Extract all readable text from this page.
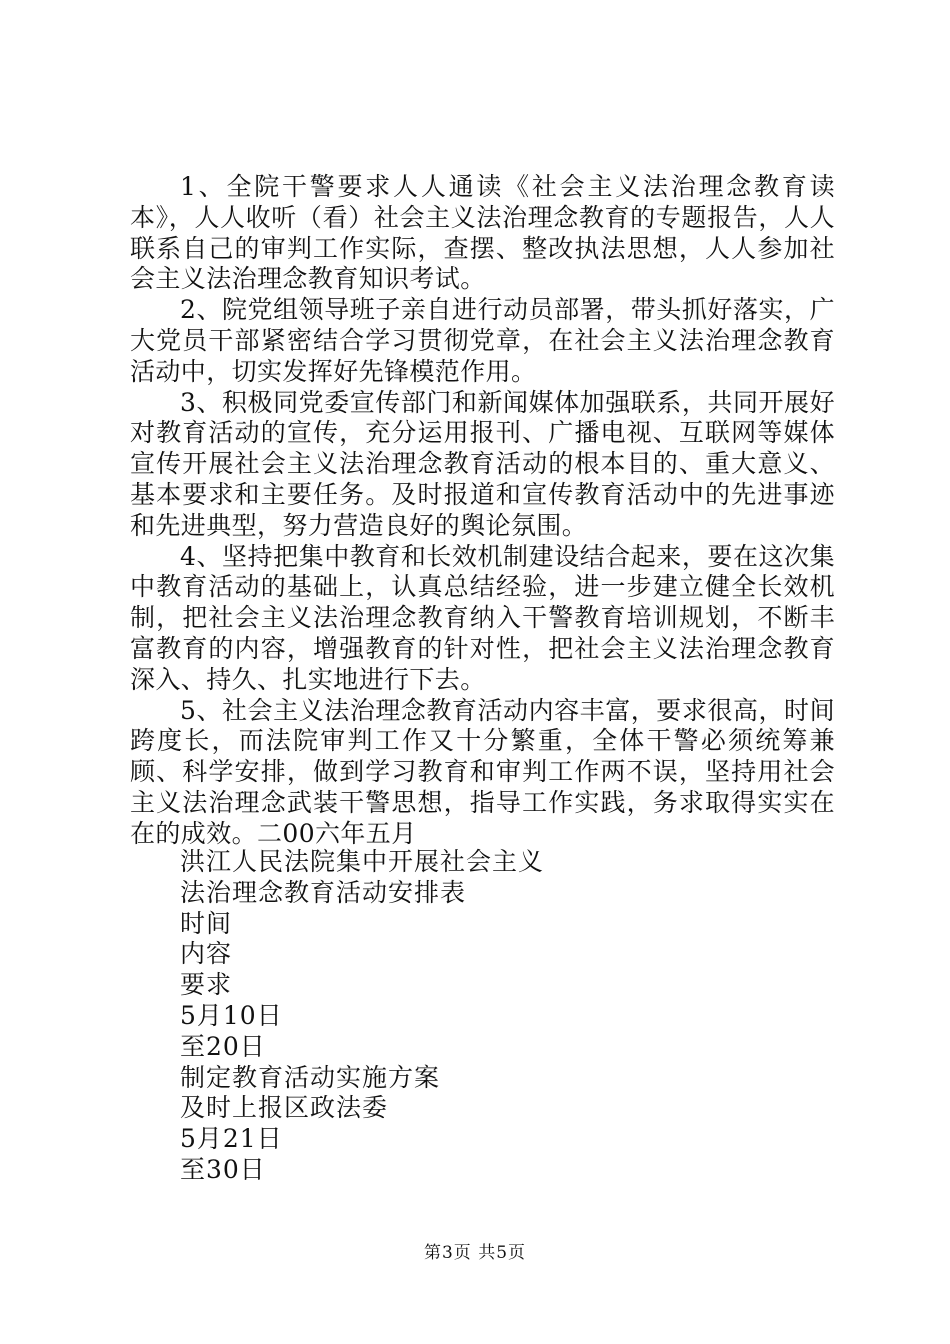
1、全院干警要求人人通读《社会主义法治理念教育读本》，人人收听（看）社会主义法治理念教育的专题报告，人人联系自己的审判工作实际，查摆、整改执法思想，人人参加社会主义法治理念教育知识考试。

2、院党组领导班子亲自进行动员部署，带头抓好落实，广大党员干部紧密结合学习贯彻党章，在社会主义法治理念教育活动中，切实发挥好先锋模范作用。

3、积极同党委宣传部门和新闻媒体加强联系，共同开展好对教育活动的宣传，充分运用报刊、广播电视、互联网等媒体宣传开展社会主义法治理念教育活动的根本目的、重大意义、基本要求和主要任务。及时报道和宣传教育活动中的先进事迹和先进典型，努力营造良好的舆论氛围。

4、坚持把集中教育和长效机制建设结合起来，要在这次集中教育活动的基础上，认真总结经验，进一步建立健全长效机制，把社会主义法治理念教育纳入干警教育培训规划，不断丰富教育的内容，增强教育的针对性，把社会主义法治理念教育深入、持久、扎实地进行下去。

5、社会主义法治理念教育活动内容丰富，要求很高，时间跨度长，而法院审判工作又十分繁重，全体干警必须统筹兼顾、科学安排，做到学习教育和审判工作两不误，坚持用社会主义法治理念武装干警思想，指导工作实践，务求取得实实在在的成效。二00六年五月

洪江人民法院集中开展社会主义

法治理念教育活动安排表

时间

内容

要求

5月10日

至20日

制定教育活动实施方案

及时上报区政法委

5月21日

至30日

第3页 共5页
